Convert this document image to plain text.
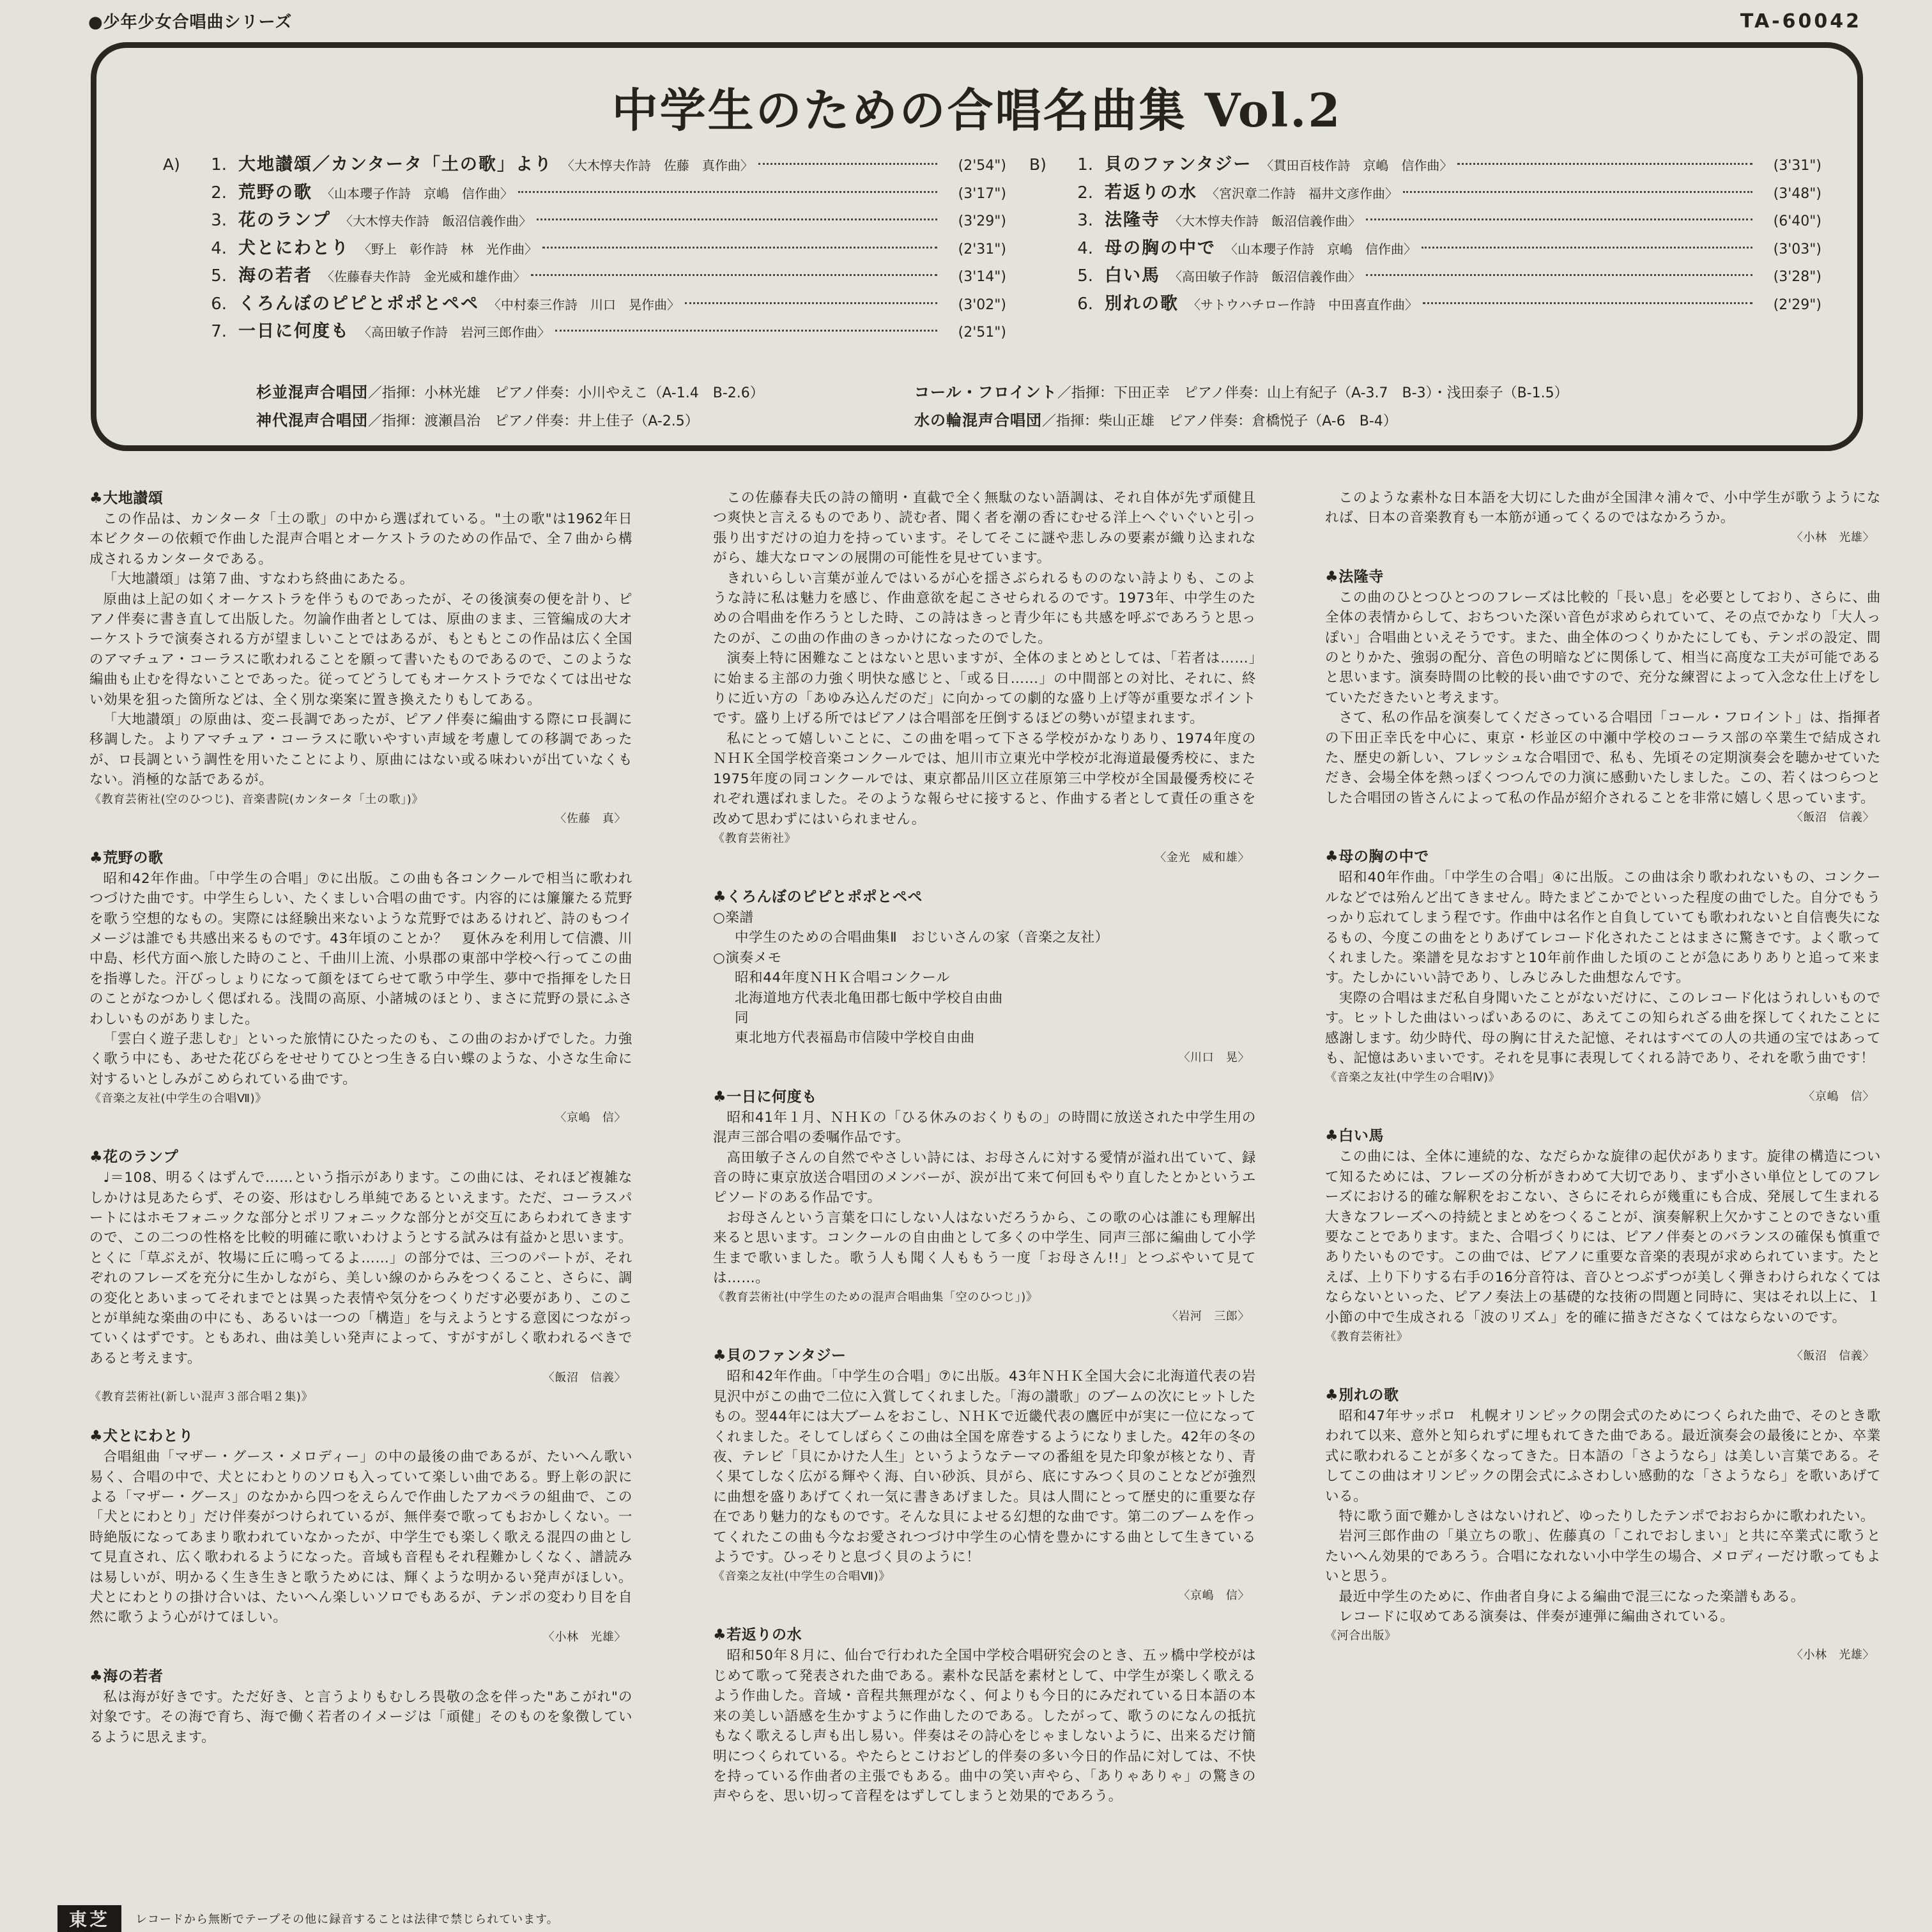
●少年少女合唱曲シリーズ	TA-60042
中学生のための合唱名曲集 Vol.2
A)	1. 大地讃頌／カンタータ「土の歌」より 〈大木惇夫作詩　佐藤　真作曲〉	(2'54")
2. 荒野の歌 〈山本瓔子作詩　京嶋　信作曲〉	(3'17")
3. 花のランプ 〈大木惇夫作詩　飯沼信義作曲〉	(3'29")
4. 犬とにわとり 〈野上　彰作詩　林　光作曲〉	(2'31")
5. 海の若者 〈佐藤春夫作詩　金光威和雄作曲〉	(3'14")
6. くろんぼのピピとポポとペペ 〈中村泰三作詩　川口　晃作曲〉	(3'02")
7. 一日に何度も 〈高田敏子作詩　岩河三郎作曲〉	(2'51")
B)	1. 貝のファンタジー 〈貫田百枝作詩　京嶋　信作曲〉	(3'31")
2. 若返りの水 〈宮沢章二作詩　福井文彦作曲〉	(3'48")
3. 法隆寺 〈大木惇夫作詩　飯沼信義作曲〉	(6'40")
4. 母の胸の中で 〈山本瓔子作詩　京嶋　信作曲〉	(3'03")
5. 白い馬 〈高田敏子作詩　飯沼信義作曲〉	(3'28")
6. 別れの歌 〈サトウハチロー作詩　中田喜直作曲〉	(2'29")
杉並混声合唱団／指揮：小林光雄　ピアノ伴奏：小川やえこ（A-1.4　B-2.6）	コール・フロイント／指揮：下田正幸　ピアノ伴奏：山上有紀子（A-3.7　B-3）・浅田泰子（B-1.5）
神代混声合唱団／指揮：渡瀬昌治　ピアノ伴奏：井上佳子（A-2.5）	水の輪混声合唱団／指揮：柴山正雄　ピアノ伴奏：倉橋悦子（A-6　B-4）
♣大地讃頌

この作品は、カンタータ「土の歌」の中から選ばれている。"土の歌"は1962年日本ビクターの依頼で作曲した混声合唱とオーケストラのための作品で、全７曲から構成されるカンタータである。

「大地讃頌」は第７曲、すなわち終曲にあたる。

原曲は上記の如くオーケストラを伴うものであったが、その後演奏の便を計り、ピアノ伴奏に書き直して出版した。勿論作曲者としては、原曲のまま、三管編成の大オーケストラで演奏される方が望ましいことではあるが、もともとこの作品は広く全国のアマチュア・コーラスに歌われることを願って書いたものであるので、このような編曲も止むを得ないことであった。従ってどうしてもオーケストラでなくては出せない効果を狙った箇所などは、全く別な楽案に置き換えたりもしてある。

「大地讃頌」の原曲は、変ニ長調であったが、ピアノ伴奏に編曲する際にロ長調に移調した。よりアマチュア・コーラスに歌いやすい声域を考慮しての移調であったが、ロ長調という調性を用いたことにより、原曲にはない或る味わいが出ていなくもない。消極的な話であるが。

《教育芸術社(空のひつじ)、音楽書院(カンタータ「土の歌」)》

〈佐藤　真〉

♣荒野の歌

昭和42年作曲。「中学生の合唱」⑦に出版。この曲も各コンクールで相当に歌われつづけた曲です。中学生らしい、たくましい合唱の曲です。内容的には簾簾たる荒野を歌う空想的なもの。実際には経験出来ないような荒野ではあるけれど、詩のもつイメージは誰でも共感出来るものです。43年頃のことか？　夏休みを利用して信濃、川中島、杉代方面へ旅した時のこと、千曲川上流、小県郡の東部中学校へ行ってこの曲を指導した。汗びっしょりになって顔をほてらせて歌う中学生、夢中で指揮をした日のことがなつかしく偲ばれる。浅間の高原、小諸城のほとり、まさに荒野の景にふさわしいものがありました。

「雲白く遊子悲しむ」といった旅情にひたったのも、この曲のおかげでした。力強く歌う中にも、あせた花びらをせせりてひとつ生きる白い蝶のような、小さな生命に対するいとしみがこめられている曲です。

《音楽之友社(中学生の合唱Ⅶ)》

〈京嶋　信〉

♣花のランプ

♩＝108、明るくはずんで……という指示があります。この曲には、それほど複雑なしかけは見あたらず、その姿、形はむしろ単純であるといえます。ただ、コーラスパートにはホモフォニックな部分とポリフォニックな部分とが交互にあらわれてきますので、この二つの性格を比較的明確に歌いわけようとする試みは有益かと思います。とくに「草ぶえが、牧場に丘に鳴ってるよ……」の部分では、三つのパートが、それぞれのフレーズを充分に生かしながら、美しい線のからみをつくること、さらに、調の変化とあいまってそれまでとは異った表情や気分をつくりだす必要があり、このことが単純な楽曲の中にも、あるいは一つの「構造」を与えようとする意図につながっていくはずです。ともあれ、曲は美しい発声によって、すがすがしく歌われるべきであると考えます。

〈飯沼　信義〉

《教育芸術社(新しい混声３部合唱２集)》

♣犬とにわとり

合唱組曲「マザー・グース・メロディー」の中の最後の曲であるが、たいへん歌い易く、合唱の中で、犬とにわとりのソロも入っていて楽しい曲である。野上彰の訳による「マザー・グース」のなかから四つをえらんで作曲したアカペラの組曲で、この「犬とにわとり」だけ伴奏がつけられているが、無伴奏で歌ってもおかしくない。一時絶版になってあまり歌われていなかったが、中学生でも楽しく歌える混四の曲として見直され、広く歌われるようになった。音域も音程もそれ程難かしくなく、譜読みは易しいが、明かるく生き生きと歌うためには、輝くような明かるい発声がほしい。犬とにわとりの掛け合いは、たいへん楽しいソロでもあるが、テンポの変わり目を自然に歌うよう心がけてほしい。

〈小林　光雄〉

♣海の若者

私は海が好きです。ただ好き、と言うよりもむしろ畏敬の念を伴った"あこがれ"の対象です。その海で育ち、海で働く若者のイメージは「頑健」そのものを象徴しているように思えます。

この佐藤春夫氏の詩の簡明・直截で全く無駄のない語調は、それ自体が先ず頑健且つ爽快と言えるものであり、読む者、聞く者を潮の香にむせる洋上へぐいぐいと引っ張り出すだけの迫力を持っています。そしてそこに謎や悲しみの要素が織り込まれながら、雄大なロマンの展開の可能性を見せています。

きれいらしい言葉が並んではいるが心を揺さぶられるもののない詩よりも、このような詩に私は魅力を感じ、作曲意欲を起こさせられるのです。1973年、中学生のための合唱曲を作ろうとした時、この詩はきっと青少年にも共感を呼ぶであろうと思ったのが、この曲の作曲のきっかけになったのでした。

演奏上特に困難なことはないと思いますが、全体のまとめとしては、「若者は……」に始まる主部の力強く明快な感じと、「或る日……」の中間部との対比、それに、終りに近い方の「あゆみ込んだのだ」に向かっての劇的な盛り上げ等が重要なポイントです。盛り上げる所ではピアノは合唱部を圧倒するほどの勢いが望まれます。

私にとって嬉しいことに、この曲を唱って下さる学校がかなりあり、1974年度のＮＨＫ全国学校音楽コンクールでは、旭川市立東光中学校が北海道最優秀校に、また1975年度の同コンクールでは、東京都品川区立荏原第三中学校が全国最優秀校にそれぞれ選ばれました。そのような報らせに接すると、作曲する者として責任の重さを改めて思わずにはいられません。

《教育芸術社》

〈金光　威和雄〉

♣くろんぼのピピとポポとペペ
○楽譜
中学生のための合唱曲集Ⅱ　おじいさんの家（音楽之友社）
○演奏メモ
昭和44年度ＮＨＫ合唱コンクール
北海道地方代表北亀田郡七飯中学校自由曲
同
東北地方代表福島市信陵中学校自由曲

〈川口　晃〉

♣一日に何度も

昭和41年１月、ＮＨＫの「ひる休みのおくりもの」の時間に放送された中学生用の混声三部合唱の委嘱作品です。

高田敏子さんの自然でやさしい詩には、お母さんに対する愛情が溢れ出ていて、録音の時に東京放送合唱団のメンバーが、涙が出て来て何回もやり直したとかというエピソードのある作品です。

お母さんという言葉を口にしない人はないだろうから、この歌の心は誰にも理解出来ると思います。コンクールの自由曲として多くの中学生、同声三部に編曲して小学生まで歌いました。歌う人も聞く人ももう一度「お母さん!!」とつぶやいて見ては……。

《教育芸術社(中学生のための混声合唱曲集「空のひつじ」)》

〈岩河　三郎〉

♣貝のファンタジー

昭和42年作曲。「中学生の合唱」⑦に出版。43年ＮＨＫ全国大会に北海道代表の岩見沢中がこの曲で二位に入賞してくれました。「海の讃歌」のブームの次にヒットしたもの。翌44年には大ブームをおこし、ＮＨＫで近畿代表の鷹匠中が実に一位になってくれました。そしてしばらくこの曲は全国を席巻するようになりました。42年の冬の夜、テレビ「貝にかけた人生」というようなテーマの番組を見た印象が核となり、青く果てしなく広がる輝やく海、白い砂浜、貝がら、底にすみつく貝のことなどが強烈に曲想を盛りあげてくれ一気に書きあげました。貝は人間にとって歴史的に重要な存在であり魅力的なものです。そんな貝によせる幻想的な曲です。第二のブームを作ってくれたこの曲も今なお愛されつづけ中学生の心情を豊かにする曲として生きているようです。ひっそりと息づく貝のように！

《音楽之友社(中学生の合唱Ⅶ)》

〈京嶋　信〉

♣若返りの水

昭和50年８月に、仙台で行われた全国中学校合唱研究会のとき、五ッ橋中学校がはじめて歌って発表された曲である。素朴な民話を素材として、中学生が楽しく歌えるよう作曲した。音域・音程共無理がなく、何よりも今日的にみだれている日本語の本来の美しい語感を生かすように作曲したのである。したがって、歌うのになんの抵抗もなく歌えるし声も出し易い。伴奏はその詩心をじゃましないように、出来るだけ簡明につくられている。やたらとこけおどし的伴奏の多い今日的作品に対しては、不快を持っている作曲者の主張でもある。曲中の笑い声やら、「ありゃありゃ」の驚きの声やらを、思い切って音程をはずしてしまうと効果的であろう。

このような素朴な日本語を大切にした曲が全国津々浦々で、小中学生が歌うようになれば、日本の音楽教育も一本筋が通ってくるのではなかろうか。

〈小林　光雄〉

♣法隆寺

この曲のひとつひとつのフレーズは比較的「長い息」を必要としており、さらに、曲全体の表情からして、おちついた深い音色が求められていて、その点でかなり「大人っぽい」合唱曲といえそうです。また、曲全体のつくりかたにしても、テンポの設定、間のとりかた、強弱の配分、音色の明暗などに関係して、相当に高度な工夫が可能であると思います。演奏時間の比較的長い曲ですので、充分な練習によって入念な仕上げをしていただきたいと考えます。

さて、私の作品を演奏してくださっている合唱団「コール・フロイント」は、指揮者の下田正幸氏を中心に、東京・杉並区の中瀬中学校のコーラス部の卒業生で結成された、歴史の新しい、フレッシュな合唱団で、私も、先頃その定期演奏会を聴かせていただき、会場全体を熱っぽくつつんでの力演に感動いたしました。この、若くはつらつとした合唱団の皆さんによって私の作品が紹介されることを非常に嬉しく思っています。

〈飯沼　信義〉

♣母の胸の中で

昭和40年作曲。「中学生の合唱」④に出版。この曲は余り歌われないもの、コンクールなどでは殆んど出てきません。時たまどこかでといった程度の曲でした。自分でもうっかり忘れてしまう程です。作曲中は名作と自負していても歌われないと自信喪失になるもの、今度この曲をとりあげてレコード化されたことはまさに驚きです。よく歌ってくれました。楽譜を見なおすと10年前作曲した頃のことが急にありありと追って来ます。たしかにいい詩であり、しみじみした曲想なんです。

実際の合唱はまだ私自身聞いたことがないだけに、このレコード化はうれしいものです。ヒットした曲はいっぱいあるのに、あえてこの知られざる曲を探してくれたことに感謝します。幼少時代、母の胸に甘えた記憶、それはすべての人の共通の宝ではあっても、記憶はあいまいです。それを見事に表現してくれる詩であり、それを歌う曲です！

《音楽之友社(中学生の合唱Ⅳ)》

〈京嶋　信〉

♣白い馬

この曲には、全体に連続的な、なだらかな旋律の起伏があります。旋律の構造について知るためには、フレーズの分析がきわめて大切であり、まず小さい単位としてのフレーズにおける的確な解釈をおこない、さらにそれらが幾重にも合成、発展して生まれる大きなフレーズへの持続とまとめをつくることが、演奏解釈上欠かすことのできない重要なことであります。また、合唱づくりには、ピアノ伴奏とのバランスの確保も慎重でありたいものです。この曲では、ピアノに重要な音楽的表現が求められています。たとえば、上り下りする右手の16分音符は、音ひとつぶずつが美しく弾きわけられなくてはならないといった、ピアノ奏法上の基礎的な技術の問題と同時に、実はそれ以上に、１小節の中で生成される「波のリズム」を的確に描きださなくてはならないのです。

《教育芸術社》

〈飯沼　信義〉

♣別れの歌

昭和47年サッポロ　札幌オリンピックの閉会式のためにつくられた曲で、そのとき歌われて以来、意外と知られずに埋もれてきた曲である。最近演奏会の最後にとか、卒業式に歌われることが多くなってきた。日本語の「さようなら」は美しい言葉である。そしてこの曲はオリンピックの閉会式にふさわしい感動的な「さようなら」を歌いあげている。

特に歌う面で難かしさはないけれど、ゆったりしたテンポでおおらかに歌われたい。

岩河三郎作曲の「巣立ちの歌」、佐藤真の「これでおしまい」と共に卒業式に歌うとたいへん効果的であろう。合唱になれない小中学生の場合、メロディーだけ歌ってもよいと思う。

最近中学生のために、作曲者自身による編曲で混三になった楽譜もある。

レコードに収めてある演奏は、伴奏が連弾に編曲されている。

《河合出版》

〈小林　光雄〉

東芝	レコードから無断でテープその他に録音することは法律で禁じられています。
